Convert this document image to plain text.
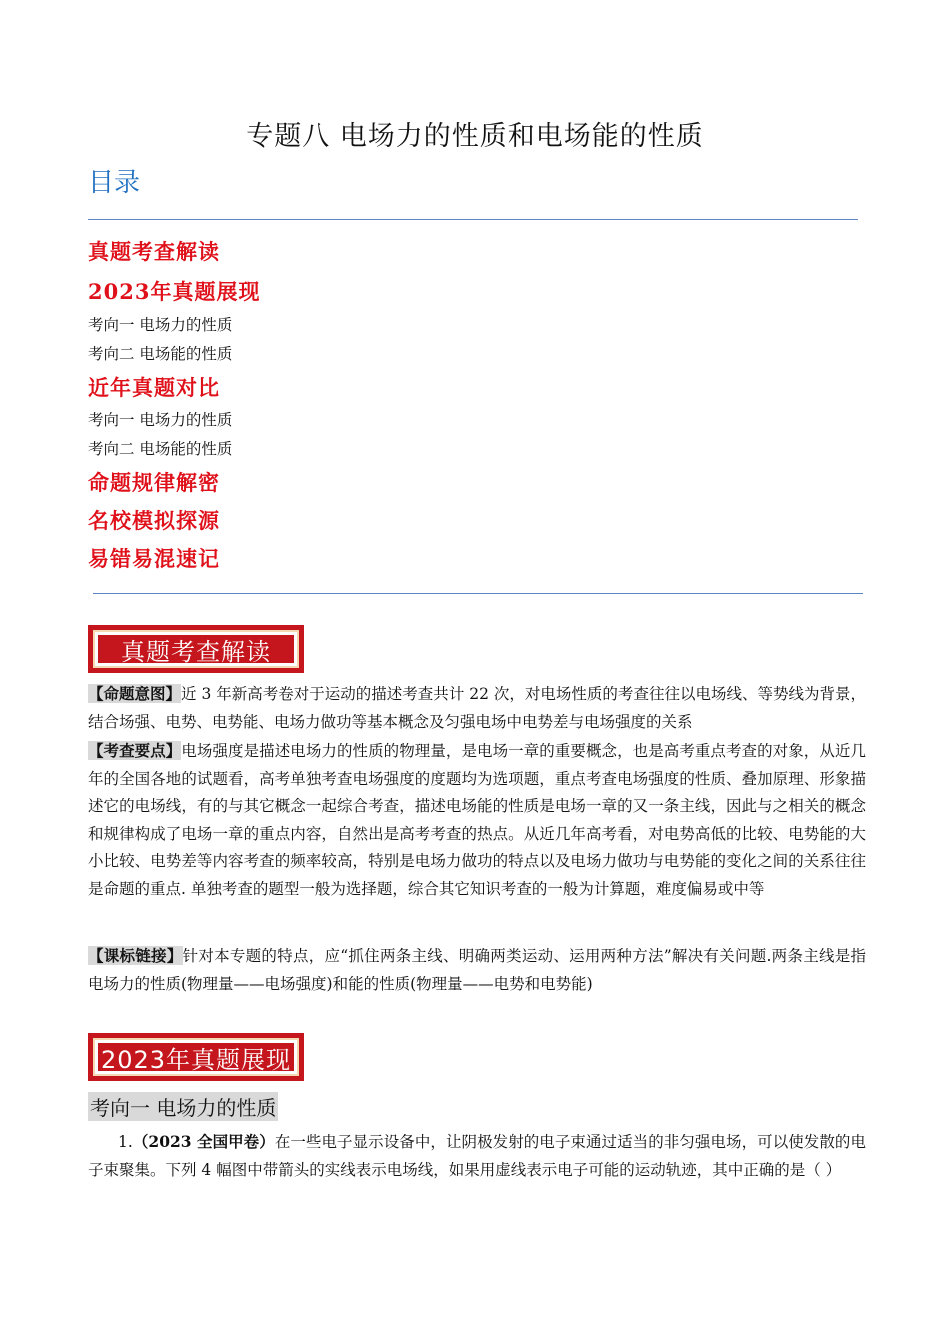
专题八 电场力的性质和电场能的性质
目录
真题考查解读
2023年真题展现
考向一 电场力的性质
考向二 电场能的性质
近年真题对比
考向一 电场力的性质
考向二 电场能的性质
命题规律解密
名校模拟探源
易错易混速记
真题考查解读
【命题意图】近 3 年新高考卷对于运动的描述考查共计 22 次，对电场性质的考查往往以电场线、等势线为背景，结合场强、电势、电势能、电场力做功等基本概念及匀强电场中电势差与电场强度的关系
【考查要点】电场强度是描述电场力的性质的物理量，是电场一章的重要概念，也是高考重点考查的对象，从近几年的全国各地的试题看，高考单独考查电场强度的度题均为选项题，重点考查电场强度的性质、叠加原理、形象描述它的电场线，有的与其它概念一起综合考查，描述电场能的性质是电场一章的又一条主线，因此与之相关的概念和规律构成了电场一章的重点内容，自然出是高考考查的热点。从近几年高考看，对电势高低的比较、电势能的大小比较、电势差等内容考查的频率较高，特别是电场力做功的特点以及电场力做功与电势能的变化之间的关系往往是命题的重点. 单独考查的题型一般为选择题，综合其它知识考查的一般为计算题，难度偏易或中等
【课标链接】针对本专题的特点，应“抓住两条主线、明确两类运动、运用两种方法”解决有关问题.两条主线是指电场力的性质(物理量——电场强度)和能的性质(物理量——电势和电势能)
2023年真题展现
考向一 电场力的性质
1.（2023 全国甲卷）在一些电子显示设备中，让阴极发射的电子束通过适当的非匀强电场，可以使发散的电子束聚集。下列 4 幅图中带箭头的实线表示电场线，如果用虚线表示电子可能的运动轨迹，其中正确的是（ ）
